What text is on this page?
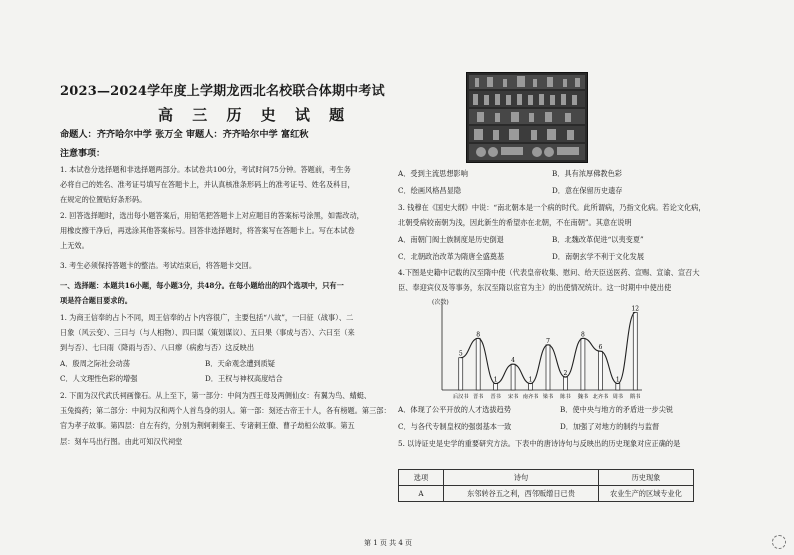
2023—2024学年度上学期龙西北名校联合体期中考试
高 三 历 史 试 题
命题人：齐齐哈尔中学 张万全 审题人：齐齐哈尔中学 富红秋
注意事项：
1. 本试卷分选择题和非选择题两部分。本试卷共100分，考试时间75分钟。答题前，考生务
必将自己的姓名、准考证号填写在答题卡上，并认真核准条形码上的准考证号、姓名及科目，
在规定的位置贴好条形码。
2. 回答选择题时，选出每小题答案后，用铅笔把答题卡上对应题目的答案标号涂黑，如需改动，
用橡皮擦干净后，再选涂其他答案标号。回答非选择题时，将答案写在答题卡上。写在本试卷
上无效。
3. 考生必须保持答题卡的整洁。考试结束后，将答题卡交回。
一、选择题：本题共16小题，每小题3分，共48分。在每小题给出的四个选项中，只有一
项是符合题目要求的。
1. 为商王信奉的占卜不同，周王信奉的占卜内容很广，主要包括“八故”，一曰征（战事）、二
日象（风云变）、三曰与（与人相物）、四曰谋（策划谋议）、五曰果（事成与否）、六曰至（来
到与否）、七曰雨（降雨与否）、八曰瘳（病愈与否）这反映出
A．殷周之际社会动荡	B．天命观念遭到质疑
C．人文理性色彩的增强	D．王权与神权高度结合
2. 下面为汉代武氏祠画像石。从上至下，第一部分：中间为西王母及两侧仙女：有翼为鸟、蜻蜓、
玉兔捣药；第二部分：中间为汉和两个人首鸟身的羽人。第一部：刻还古帝王十人，各有榜题。第三部：
官为孝子故事。第四层：自左有约，分别为荆轲刺秦王、专诸刺王僚、曹子劫桓公故事。第五
层：刻车马出行图。由此可知汉代祠堂
A．受到主流思想影响	B．具有浓厚佛教色彩
C．绘画风格昌显隐	D．意在保留历史遗存
3. 钱穆在《国史大纲》中说：“南北朝本是一个病的时代。此所谓病，乃指文化病。若论文化病，
北朝受病较南朝为浅，因此新生的希望亦在北朝，不在南朝”。其意在说明
A．南朝门阀士族制度是历史倒退	B．北魏改革促进“以夷变夏”
C．北朝政治改革为隋唐全盛奠基	D．南朝玄学不利于文化发展
4.下图是史籍中记载的汉至隋中使（代表皇帝收集、慰问、给天臣送医药、宣赐、宣谕、宣召大
臣、奉迎宾仪及等事务，东汉至隋以宦官为主）的出使情况统计。这一时期中中使出使
(次数)
5
后汉书
8
晋书
1
晋书
4
宋书
1
南齐书
7
梁书
2
陈书
8
魏书
6
北齐书
1
周书
12
隋书
A．体现了公平开放的人才选拔趋势	B．使中央与地方的矛盾进一步尖锐
C．与各代专制皇权的强弱基本一致	D．加强了对地方的制约与监督
5. 以诗证史是史学的重要研究方法。下表中的唐诗诗句与反映出的历史现象对应正确的是
选项	诗句	历史现象
A	东邻转谷五之利，西邻贩缯日已贵	农业生产的区域专业化
第 1 页 共 4 页
